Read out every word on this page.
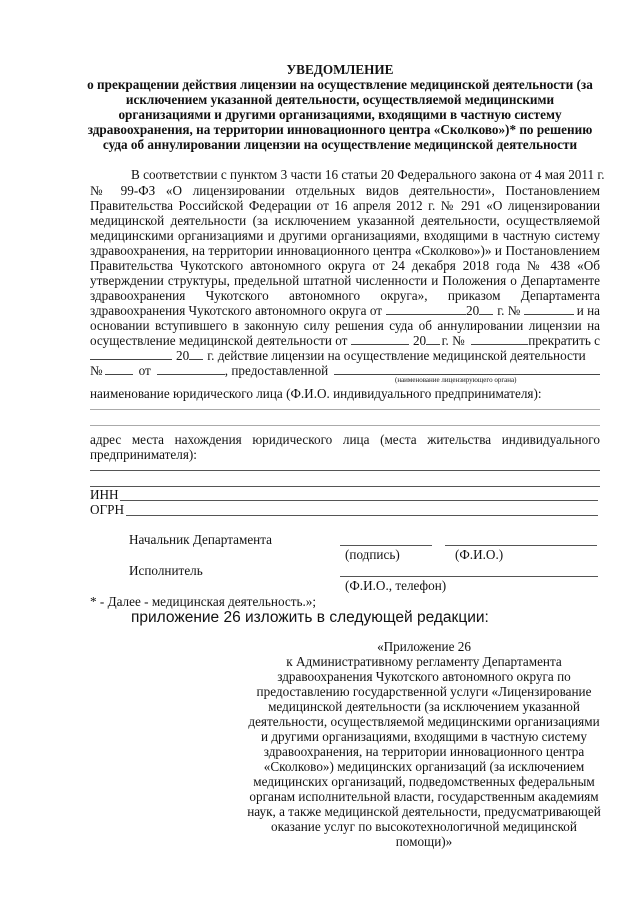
УВЕДОМЛЕНИЕ
о прекращении действия лицензии на осуществление медицинской деятельности (за
исключением указанной деятельности, осуществляемой медицинскими
организациями и другими организациями, входящими в частную систему
здравоохранения, на территории инновационного центра «Сколково»)* по решению
суда об аннулировании лицензии на осуществление медицинской деятельности
В соответствии с пунктом 3 части 16 статьи 20 Федерального закона от 4 мая 2011 г.
№ 99-ФЗ «О лицензировании отдельных видов деятельности», Постановлением
Правительства Российской Федерации от 16 апреля 2012 г. № 291 «О лицензировании
медицинской деятельности (за исключением указанной деятельности, осуществляемой
медицинскими организациями и другими организациями, входящими в частную систему
здравоохранения, на территории инновационного центра «Сколково»)» и Постановлением
Правительства Чукотского автономного округа от 24 декабря 2018 года № 438 «Об
утверждении структуры, предельной штатной численности и Положения о Департаменте
здравоохранения Чукотского автономного округа», приказом Департамента
здравоохранения Чукотского автономного округа от	20 г. №	и на
основании вступившего в законную силу решения суда об аннулировании лицензии на
осуществление медицинской деятельности от	20 г. №	прекратить с
20 г. действие лицензии на осуществление медицинской деятельности
№	от	, предоставленной
(наименование лицензирующего органа)
наименование юридического лица (Ф.И.О. индивидуального предпринимателя):
адрес места нахождения юридического лица (места жительства индивидуального
предпринимателя):
ИНН
ОГРН
Начальник Департамента
(подпись)	(Ф.И.О.)
Исполнитель
(Ф.И.О., телефон)
* - Далее - медицинская деятельность.»;
приложение 26 изложить в следующей редакции:
«Приложение 26
к Административному регламенту Департамента
здравоохранения Чукотского автономного округа по
предоставлению государственной услуги «Лицензирование
медицинской деятельности (за исключением указанной
деятельности, осуществляемой медицинскими организациями
и другими организациями, входящими в частную систему
здравоохранения, на территории инновационного центра
«Сколково») медицинских организаций (за исключением
медицинских организаций, подведомственных федеральным
органам исполнительной власти, государственным академиям
наук, а также медицинской деятельности, предусматривающей
оказание услуг по высокотехнологичной медицинской
помощи)»
